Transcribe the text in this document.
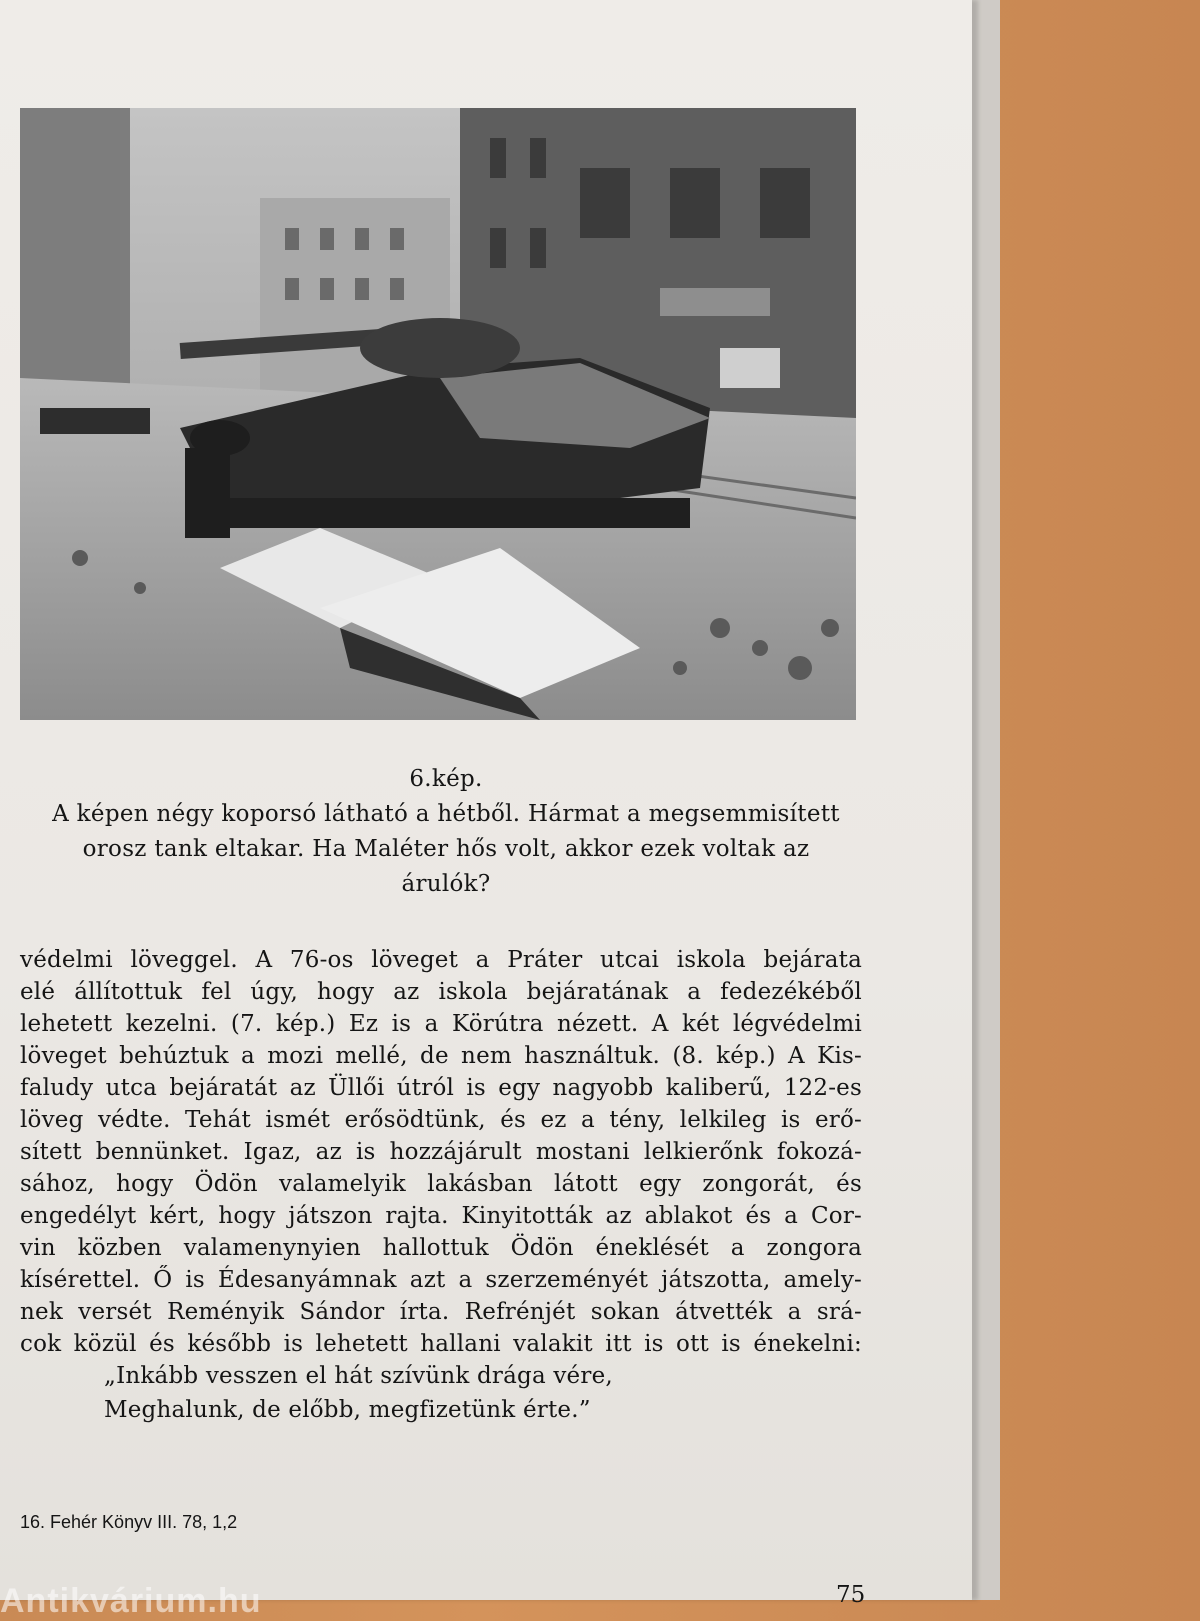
6.kép.
A képen négy koporsó látható a hétből. Hármat a megsemmisített
orosz tank eltakar. Ha Maléter hős volt, akkor ezek voltak az
árulók?
védelmi löveggel. A 76-os löveget a Práter utcai iskola bejárata
elé állítottuk fel úgy, hogy az iskola bejáratának a fedezékéből
lehetett kezelni. (7. kép.) Ez is a Körútra nézett. A két légvédelmi
löveget behúztuk a mozi mellé, de nem használtuk. (8. kép.) A Kis-
faludy utca bejáratát az Üllői útról is egy nagyobb kaliberű, 122-es
löveg védte. Tehát ismét erősödtünk, és ez a tény, lelkileg is erő-
sített bennünket. Igaz, az is hozzájárult mostani lelkierőnk fokozá-
sához, hogy Ödön valamelyik lakásban látott egy zongorát, és
engedélyt kért, hogy játszon rajta. Kinyitották az ablakot és a Cor-
vin közben valamenynyien hallottuk Ödön éneklését a zongora
kísérettel. Ő is Édesanyámnak azt a szerzeményét játszotta, amely-
nek versét Reményik Sándor írta. Refrénjét sokan átvették a srá-
cok közül és később is lehetett hallani valakit itt is ott is énekelni:
„Inkább vesszen el hát szívünk drága vére,
Meghalunk, de előbb, megfizetünk érte.”
16. Fehér Könyv III. 78, 1,2
75
Antikvárium.hu
